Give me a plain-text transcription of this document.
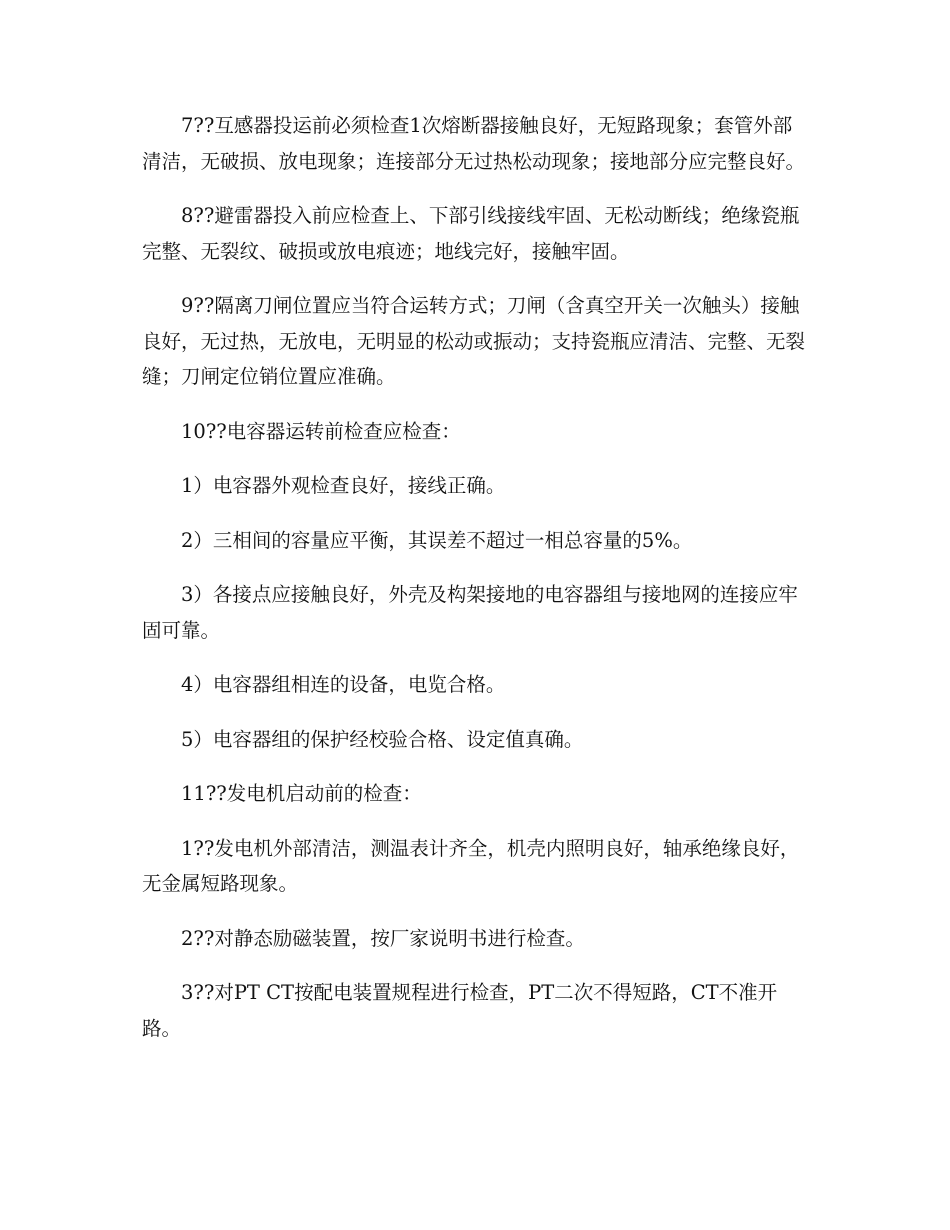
7??互感器投运前必须检查1次熔断器接触良好，无短路现象；套管外部清洁，无破损、放电现象；连接部分无过热松动现象；接地部分应完整良好。

8??避雷器投入前应检查上、下部引线接线牢固、无松动断线；绝缘瓷瓶完整、无裂纹、破损或放电痕迹；地线完好，接触牢固。

9??隔离刀闸位置应当符合运转方式；刀闸（含真空开关一次触头）接触良好，无过热，无放电，无明显的松动或振动；支持瓷瓶应清洁、完整、无裂缝；刀闸定位销位置应准确。

10??电容器运转前检查应检查：

1）电容器外观检查良好，接线正确。

2）三相间的容量应平衡，其误差不超过一相总容量的5%。

3）各接点应接触良好，外壳及构架接地的电容器组与接地网的连接应牢固可靠。

4）电容器组相连的设备，电览合格。

5）电容器组的保护经校验合格、设定值真确。

11??发电机启动前的检查：

1??发电机外部清洁，测温表计齐全，机壳内照明良好，轴承绝缘良好，无金属短路现象。

2??对静态励磁装置，按厂家说明书进行检查。

3??对PT CT按配电装置规程进行检查，PT二次不得短路，CT不准开路。
